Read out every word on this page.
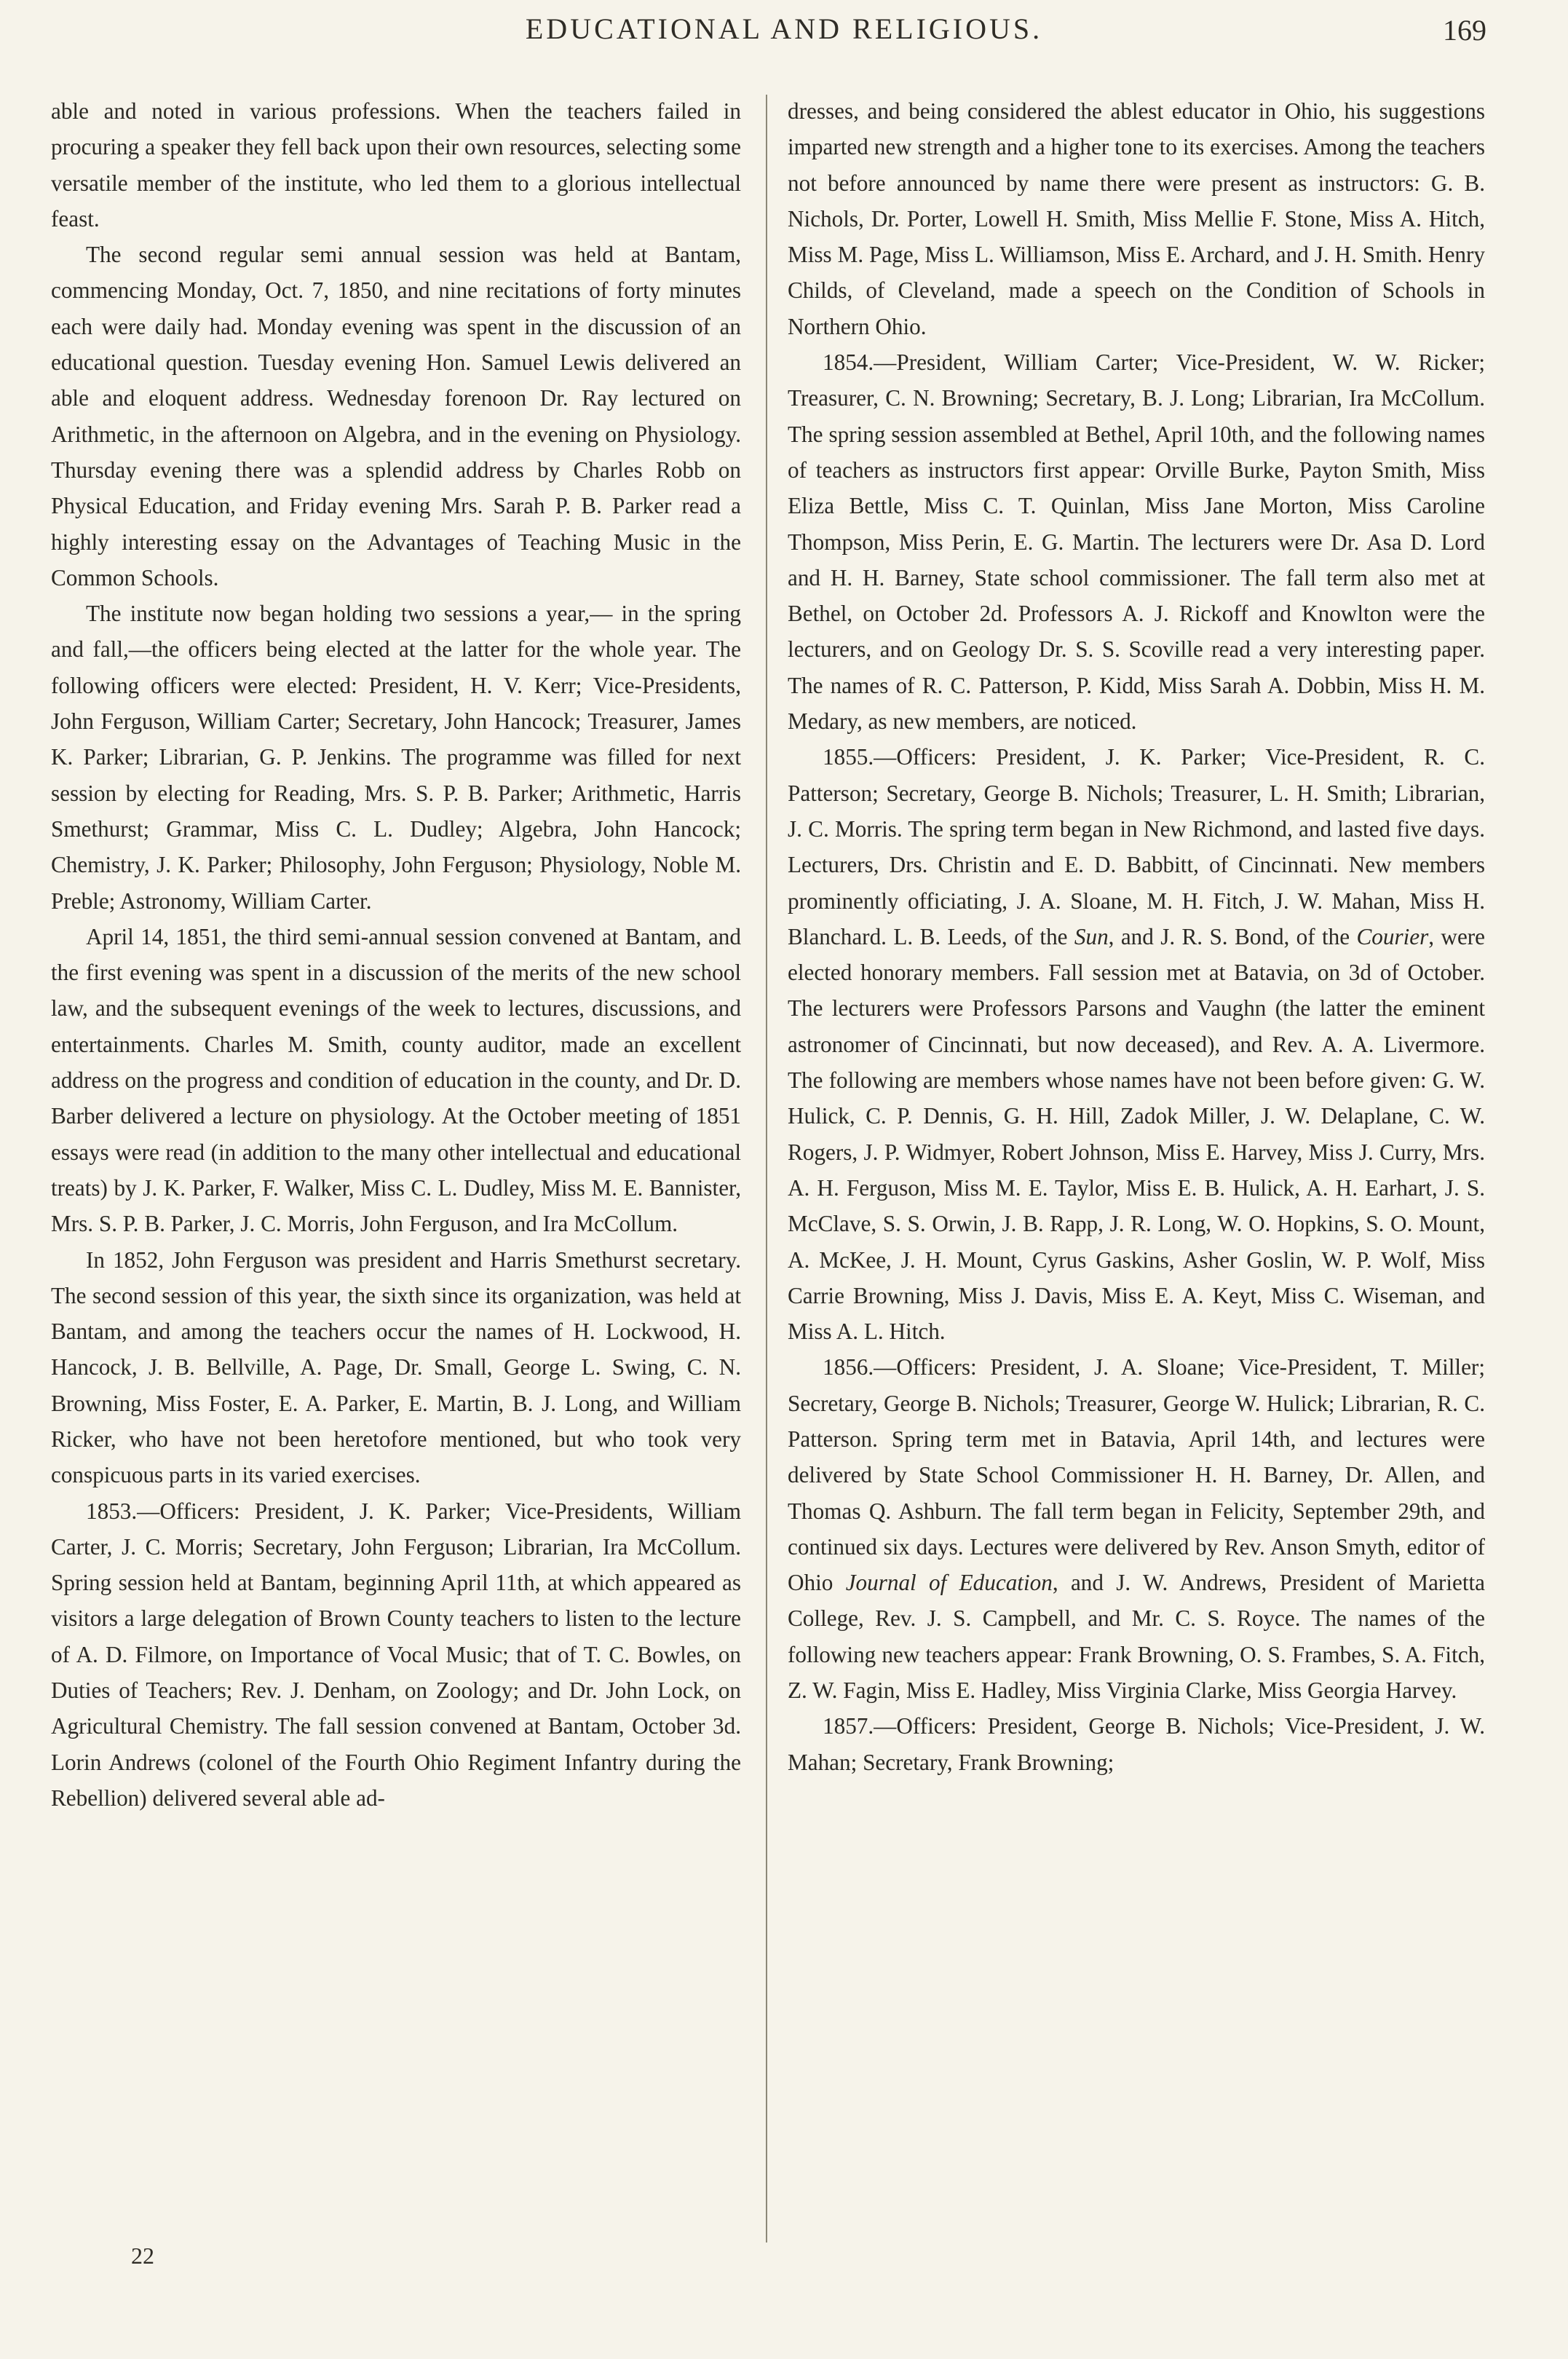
EDUCATIONAL AND RELIGIOUS.	169

able and noted in various professions. When the teachers failed in procuring a speaker they fell back upon their own resources, selecting some versatile member of the institute, who led them to a glorious intellectual feast.

The second regular semi annual session was held at Bantam, commencing Monday, Oct. 7, 1850, and nine recitations of forty minutes each were daily had. Monday evening was spent in the discussion of an educational question. Tuesday evening Hon. Samuel Lewis delivered an able and eloquent address. Wednesday forenoon Dr. Ray lectured on Arithmetic, in the afternoon on Algebra, and in the evening on Physiology. Thursday evening there was a splendid address by Charles Robb on Physical Education, and Friday evening Mrs. Sarah P. B. Parker read a highly interesting essay on the Advantages of Teaching Music in the Common Schools.

The institute now began holding two sessions a year,— in the spring and fall,—the officers being elected at the latter for the whole year. The following officers were elected: President, H. V. Kerr; Vice-Presidents, John Ferguson, William Carter; Secretary, John Hancock; Treasurer, James K. Parker; Librarian, G. P. Jenkins. The programme was filled for next session by electing for Reading, Mrs. S. P. B. Parker; Arithmetic, Harris Smethurst; Grammar, Miss C. L. Dudley; Algebra, John Hancock; Chemistry, J. K. Parker; Philosophy, John Ferguson; Physiology, Noble M. Preble; Astronomy, William Carter.

April 14, 1851, the third semi-annual session convened at Bantam, and the first evening was spent in a discussion of the merits of the new school law, and the subsequent evenings of the week to lectures, discussions, and entertainments. Charles M. Smith, county auditor, made an excellent address on the progress and condition of education in the county, and Dr. D. Barber delivered a lecture on physiology. At the October meeting of 1851 essays were read (in addition to the many other intellectual and educational treats) by J. K. Parker, F. Walker, Miss C. L. Dudley, Miss M. E. Bannister, Mrs. S. P. B. Parker, J. C. Morris, John Ferguson, and Ira McCollum.

In 1852, John Ferguson was president and Harris Smethurst secretary. The second session of this year, the sixth since its organization, was held at Bantam, and among the teachers occur the names of H. Lockwood, H. Hancock, J. B. Bellville, A. Page, Dr. Small, George L. Swing, C. N. Browning, Miss Foster, E. A. Parker, E. Martin, B. J. Long, and William Ricker, who have not been heretofore mentioned, but who took very conspicuous parts in its varied exercises.

1853.—Officers: President, J. K. Parker; Vice-Presidents, William Carter, J. C. Morris; Secretary, John Ferguson; Librarian, Ira McCollum. Spring session held at Bantam, beginning April 11th, at which appeared as visitors a large delegation of Brown County teachers to listen to the lecture of A. D. Filmore, on Importance of Vocal Music; that of T. C. Bowles, on Duties of Teachers; Rev. J. Denham, on Zoology; and Dr. John Lock, on Agricultural Chemistry. The fall session convened at Bantam, October 3d. Lorin Andrews (colonel of the Fourth Ohio Regiment Infantry during the Rebellion) delivered several able ad-

dresses, and being considered the ablest educator in Ohio, his suggestions imparted new strength and a higher tone to its exercises. Among the teachers not before announced by name there were present as instructors: G. B. Nichols, Dr. Porter, Lowell H. Smith, Miss Mellie F. Stone, Miss A. Hitch, Miss M. Page, Miss L. Williamson, Miss E. Archard, and J. H. Smith. Henry Childs, of Cleveland, made a speech on the Condition of Schools in Northern Ohio.

1854.—President, William Carter; Vice-President, W. W. Ricker; Treasurer, C. N. Browning; Secretary, B. J. Long; Librarian, Ira McCollum. The spring session assembled at Bethel, April 10th, and the following names of teachers as instructors first appear: Orville Burke, Payton Smith, Miss Eliza Bettle, Miss C. T. Quinlan, Miss Jane Morton, Miss Caroline Thompson, Miss Perin, E. G. Martin. The lecturers were Dr. Asa D. Lord and H. H. Barney, State school commissioner. The fall term also met at Bethel, on October 2d. Professors A. J. Rickoff and Knowlton were the lecturers, and on Geology Dr. S. S. Scoville read a very interesting paper. The names of R. C. Patterson, P. Kidd, Miss Sarah A. Dobbin, Miss H. M. Medary, as new members, are noticed.

1855.—Officers: President, J. K. Parker; Vice-President, R. C. Patterson; Secretary, George B. Nichols; Treasurer, L. H. Smith; Librarian, J. C. Morris. The spring term began in New Richmond, and lasted five days. Lecturers, Drs. Christin and E. D. Babbitt, of Cincinnati. New members prominently officiating, J. A. Sloane, M. H. Fitch, J. W. Mahan, Miss H. Blanchard. L. B. Leeds, of the Sun, and J. R. S. Bond, of the Courier, were elected honorary members. Fall session met at Batavia, on 3d of October. The lecturers were Professors Parsons and Vaughn (the latter the eminent astronomer of Cincinnati, but now deceased), and Rev. A. A. Livermore. The following are members whose names have not been before given: G. W. Hulick, C. P. Dennis, G. H. Hill, Zadok Miller, J. W. Delaplane, C. W. Rogers, J. P. Widmyer, Robert Johnson, Miss E. Harvey, Miss J. Curry, Mrs. A. H. Ferguson, Miss M. E. Taylor, Miss E. B. Hulick, A. H. Earhart, J. S. McClave, S. S. Orwin, J. B. Rapp, J. R. Long, W. O. Hopkins, S. O. Mount, A. McKee, J. H. Mount, Cyrus Gaskins, Asher Goslin, W. P. Wolf, Miss Carrie Browning, Miss J. Davis, Miss E. A. Keyt, Miss C. Wiseman, and Miss A. L. Hitch.

1856.—Officers: President, J. A. Sloane; Vice-President, T. Miller; Secretary, George B. Nichols; Treasurer, George W. Hulick; Librarian, R. C. Patterson. Spring term met in Batavia, April 14th, and lectures were delivered by State School Commissioner H. H. Barney, Dr. Allen, and Thomas Q. Ashburn. The fall term began in Felicity, September 29th, and continued six days. Lectures were delivered by Rev. Anson Smyth, editor of Ohio Journal of Education, and J. W. Andrews, President of Marietta College, Rev. J. S. Campbell, and Mr. C. S. Royce. The names of the following new teachers appear: Frank Browning, O. S. Frambes, S. A. Fitch, Z. W. Fagin, Miss E. Hadley, Miss Virginia Clarke, Miss Georgia Harvey.

1857.—Officers: President, George B. Nichols; Vice-President, J. W. Mahan; Secretary, Frank Browning;

22
